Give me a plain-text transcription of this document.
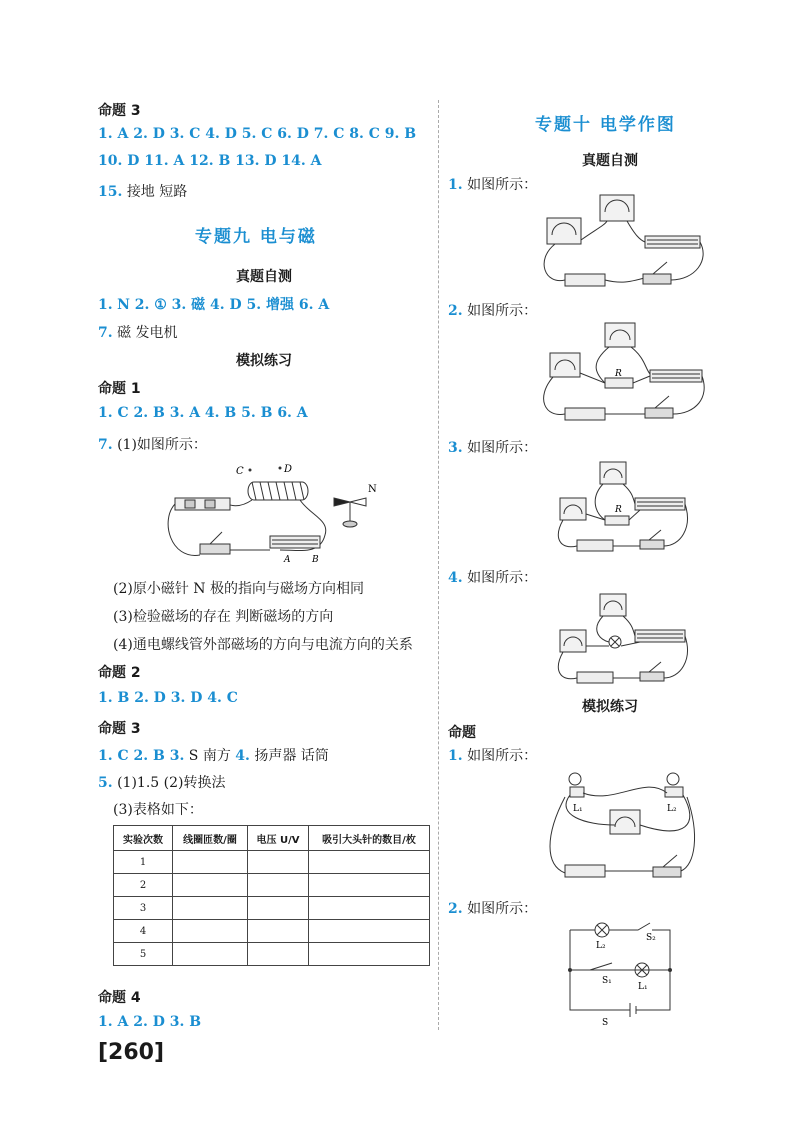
命题 3
1. A 2. D 3. C 4. D 5. C 6. D 7. C 8. C 9. B
10. D 11. A 12. B 13. D 14. A
15. 接地 短路
专题九 电与磁
真题自测
1. N 2. ① 3. 磁 4. D 5. 增强 6. A
7. 磁 发电机
模拟练习
命题 1
1. C 2. B 3. A 4. B 5. B 6. A
7. (1)如图所示：
C	D
N
A B
(2)原小磁针 N 极的指向与磁场方向相同
(3)检验磁场的存在 判断磁场的方向
(4)通电螺线管外部磁场的方向与电流方向的关系
命题 2
1. B 2. D 3. D 4. C
命题 3
1. C 2. B 3. S 南方 4. 扬声器 话筒
5. (1)1.5 (2)转换法
(3)表格如下：
实验次数	线圈匝数/圈	电压 U/V	吸引大头针的数目/枚
1			
2			
3			
4			
5			
命题 4
1. A 2. D 3. B
[260]
专题十 电学作图
真题自测
1. 如图所示：
2. 如图所示：
R
3. 如图所示：
R
4. 如图所示：
模拟练习
命题
1. 如图所示：
L₁	L₂
2. 如图所示：
L₂
S₂
S₁
L₁
S
